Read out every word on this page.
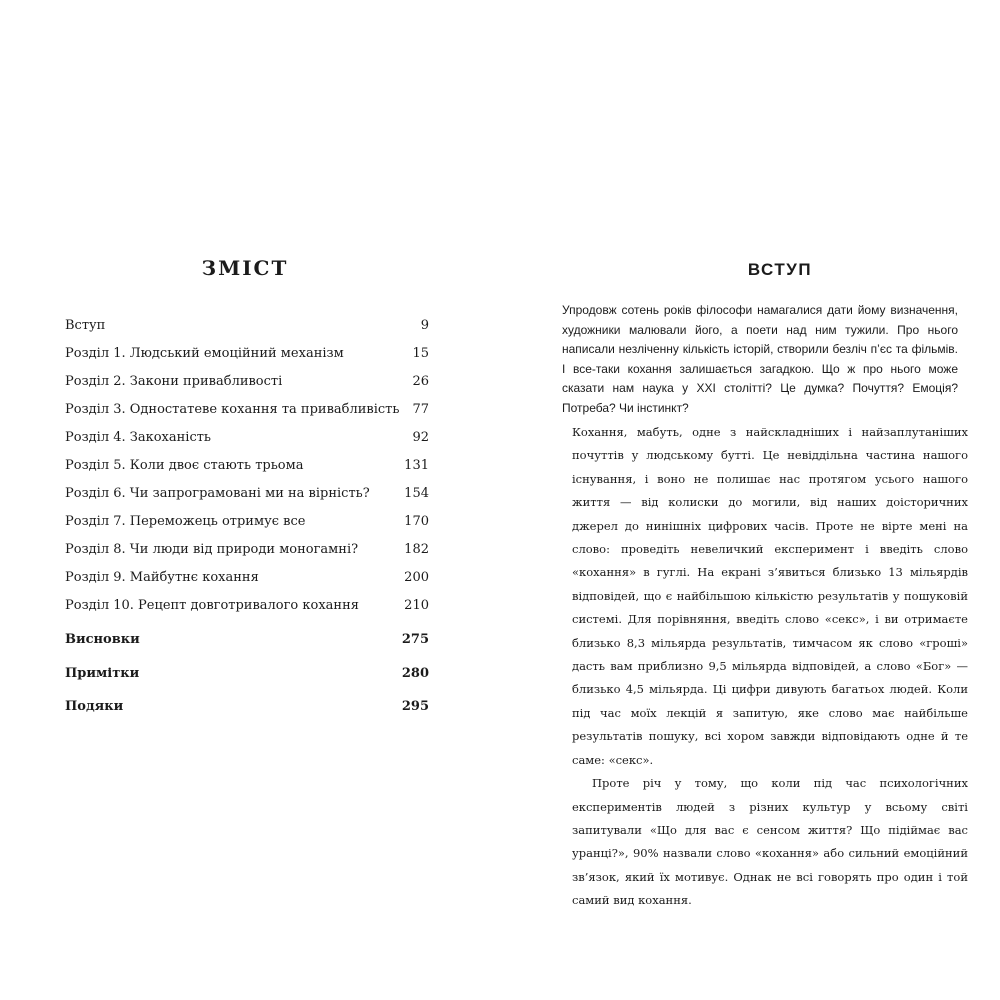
ЗМІСТ
Вступ	9
Розділ 1. Людський емоційний механізм	15
Розділ 2. Закони привабливості	26
Розділ 3. Одностатеве кохання та привабливість 77
Розділ 4. Закоханість	92
Розділ 5. Коли двоє стають трьома	131
Розділ 6. Чи запрограмовані ми на вірність?	154
Розділ 7. Переможець отримує все	170
Розділ 8. Чи люди від природи моногамні?	182
Розділ 9. Майбутнє кохання	200
Розділ 10. Рецепт довготривалого кохання	210
Висновки	275
Примітки	280
Подяки	295
ВСТУП

Упродовж сотень років філософи намагалися дати йому визначення, художники малювали його, а поети над ним тужили. Про нього написали незліченну кількість історій, створили безліч п’єс та фільмів. І все-таки кохання залишається загадкою. Що ж про нього може сказати нам наука у XXI столітті? Це думка? Почуття? Емоція? Потреба? Чи інстинкт?

Кохання, мабуть, одне з найскладніших і найзаплутаніших почуттів у людському бутті. Це невіддільна частина нашого існування, і воно не полишає нас протягом усього нашого життя — від колиски до могили, від наших доісторичних джерел до нинішніх цифрових часів. Проте не вірте мені на слово: проведіть невеличкий експеримент і введіть слово «кохання» в гуглі. На екрані з’явиться близько 13 мільярдів відповідей, що є найбільшою кількістю результатів у пошуковій системі. Для порівняння, введіть слово «секс», і ви отримаєте близько 8,3 мільярда результатів, тимчасом як слово «гроші» дасть вам приблизно 9,5 мільярда відповідей, а слово «Бог» — близько 4,5 мільярда. Ці цифри дивують багатьох людей. Коли під час моїх лекцій я запитую, яке слово має найбільше результатів пошуку, всі хором завжди відповідають одне й те саме: «секс».

Проте річ у тому, що коли під час психологічних експериментів людей з різних культур у всьому світі запитували «Що для вас є сенсом життя? Що підіймає вас уранці?», 90% назвали слово «кохання» або сильний емоційний зв’язок, який їх мотивує. Однак не всі говорять про один і той самий вид кохання.
